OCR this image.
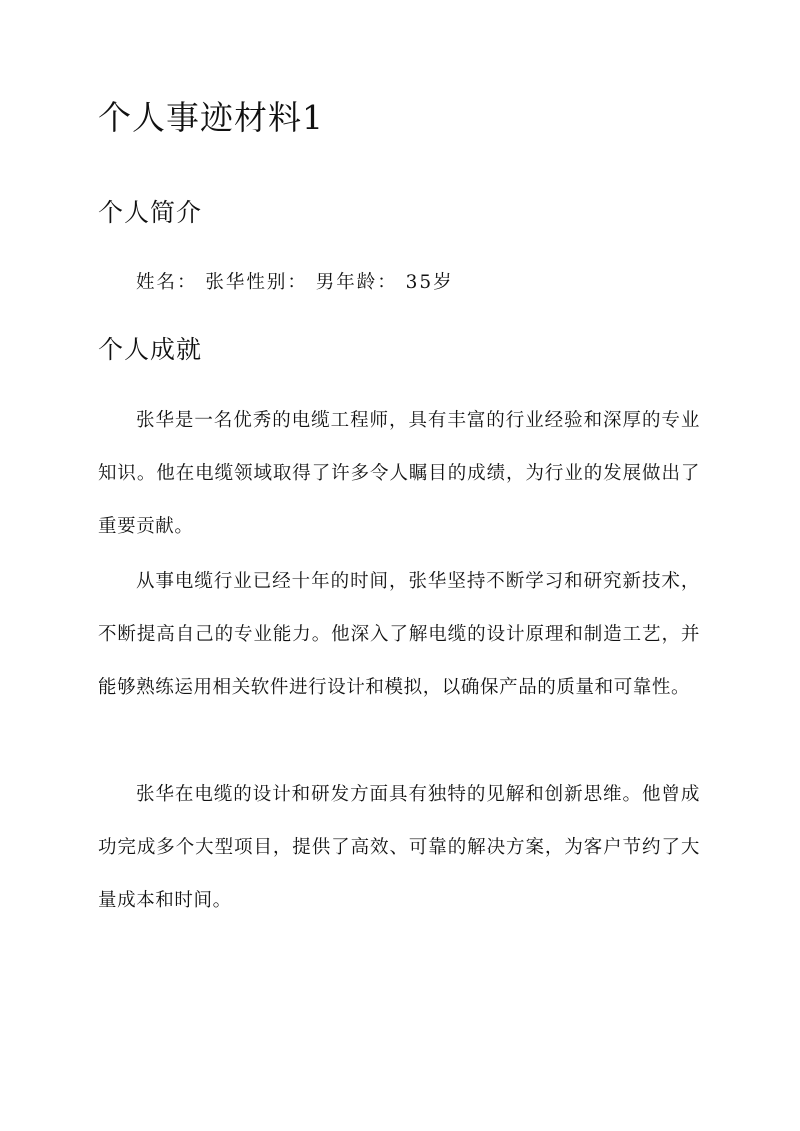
个人事迹材料1
个人简介

姓名： 张华性别： 男年龄： 35岁

个人成就

张华是一名优秀的电缆工程师，具有丰富的行业经验和深厚的专业知识。他在电缆领域取得了许多令人瞩目的成绩，为行业的发展做出了重要贡献。

从事电缆行业已经十年的时间，张华坚持不断学习和研究新技术，不断提高自己的专业能力。他深入了解电缆的设计原理和制造工艺，并能够熟练运用相关软件进行设计和模拟，以确保产品的质量和可靠性。

张华在电缆的设计和研发方面具有独特的见解和创新思维。他曾成功完成多个大型项目，提供了高效、可靠的解决方案，为客户节约了大量成本和时间。
